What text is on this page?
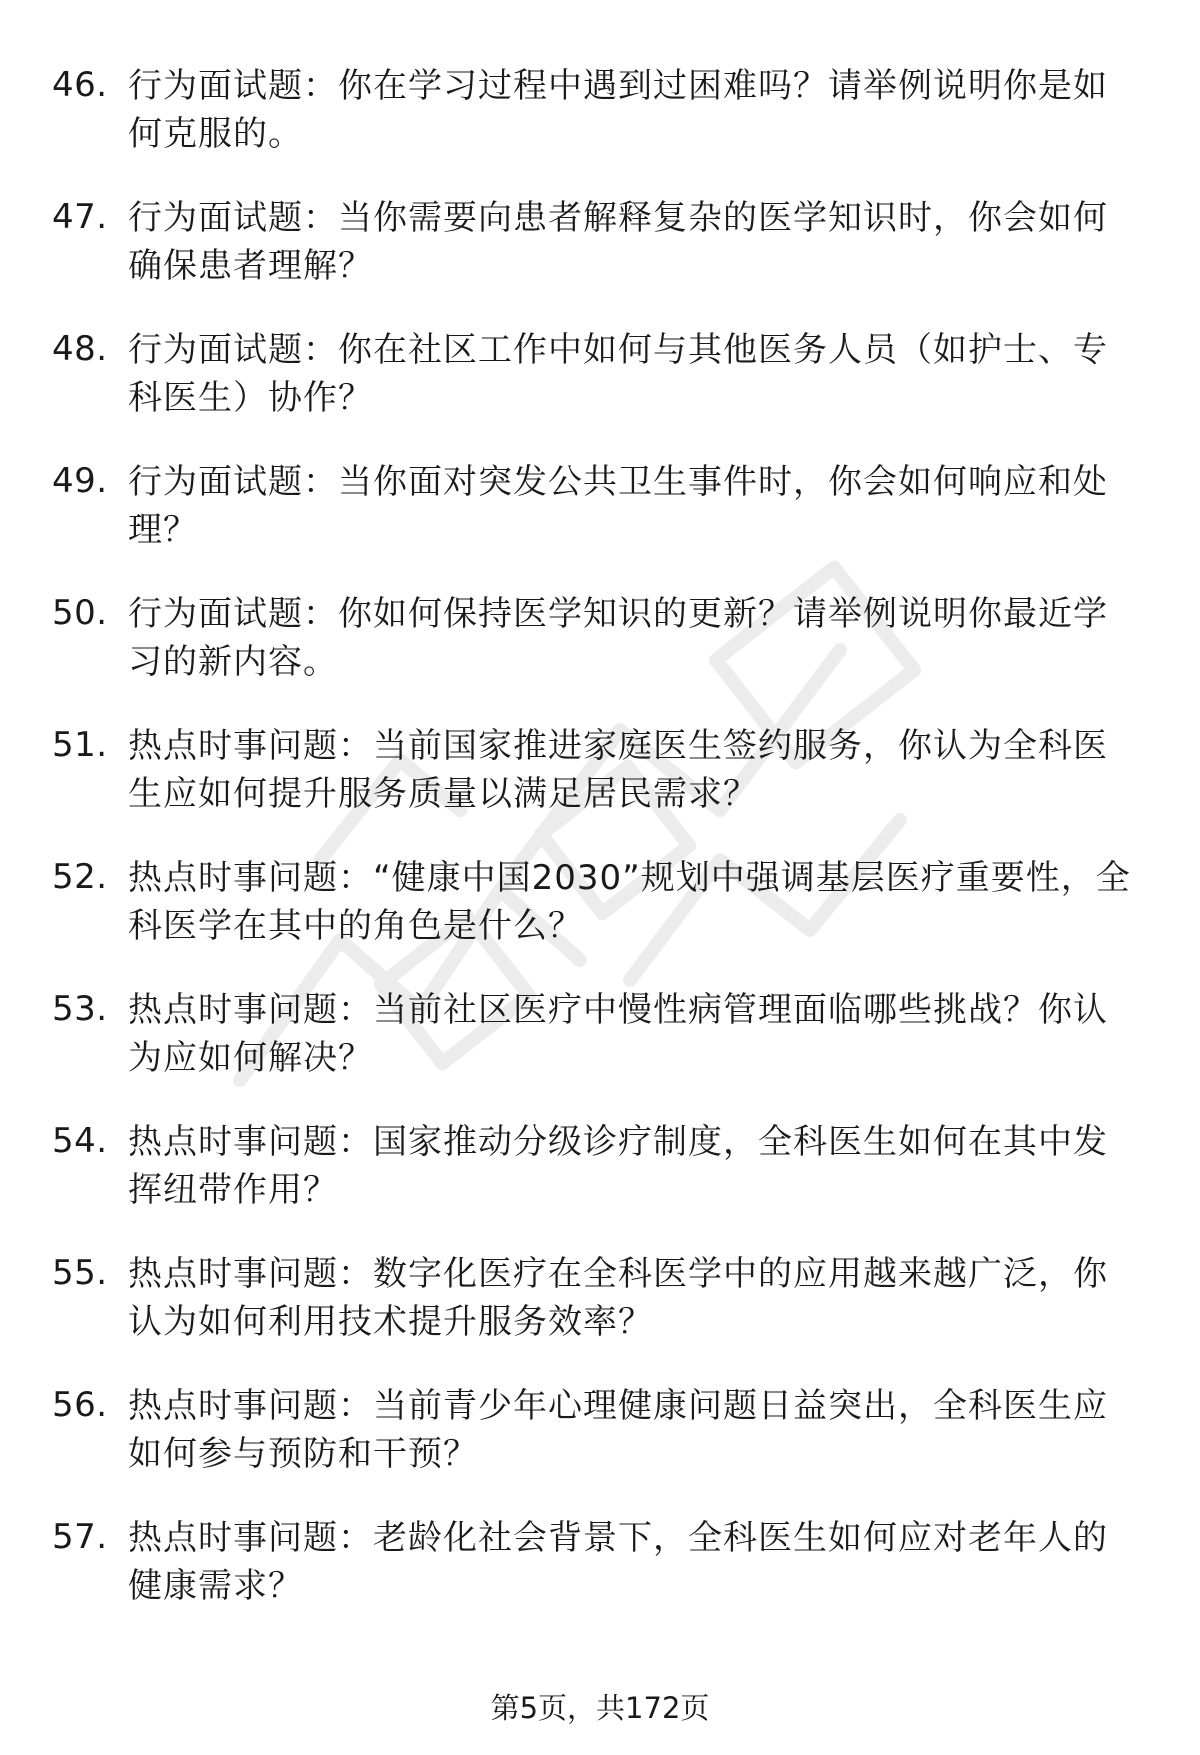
46. 行为面试题：你在学习过程中遇到过困难吗？请举例说明你是如何克服的。
47. 行为面试题：当你需要向患者解释复杂的医学知识时，你会如何确保患者理解？
48. 行为面试题：你在社区工作中如何与其他医务人员（如护士、专科医生）协作？
49. 行为面试题：当你面对突发公共卫生事件时，你会如何响应和处理？
50. 行为面试题：你如何保持医学知识的更新？请举例说明你最近学习的新内容。
51. 热点时事问题：当前国家推进家庭医生签约服务，你认为全科医生应如何提升服务质量以满足居民需求？
52. 热点时事问题：“健康中国2030”规划中强调基层医疗重要性，全科医学在其中的角色是什么？
53. 热点时事问题：当前社区医疗中慢性病管理面临哪些挑战？你认为应如何解决？
54. 热点时事问题：国家推动分级诊疗制度，全科医生如何在其中发挥纽带作用？
55. 热点时事问题：数字化医疗在全科医学中的应用越来越广泛，你认为如何利用技术提升服务效率？
56. 热点时事问题：当前青少年心理健康问题日益突出，全科医生应如何参与预防和干预？
57. 热点时事问题：老龄化社会背景下，全科医生如何应对老年人的健康需求？
第5页，共172页
